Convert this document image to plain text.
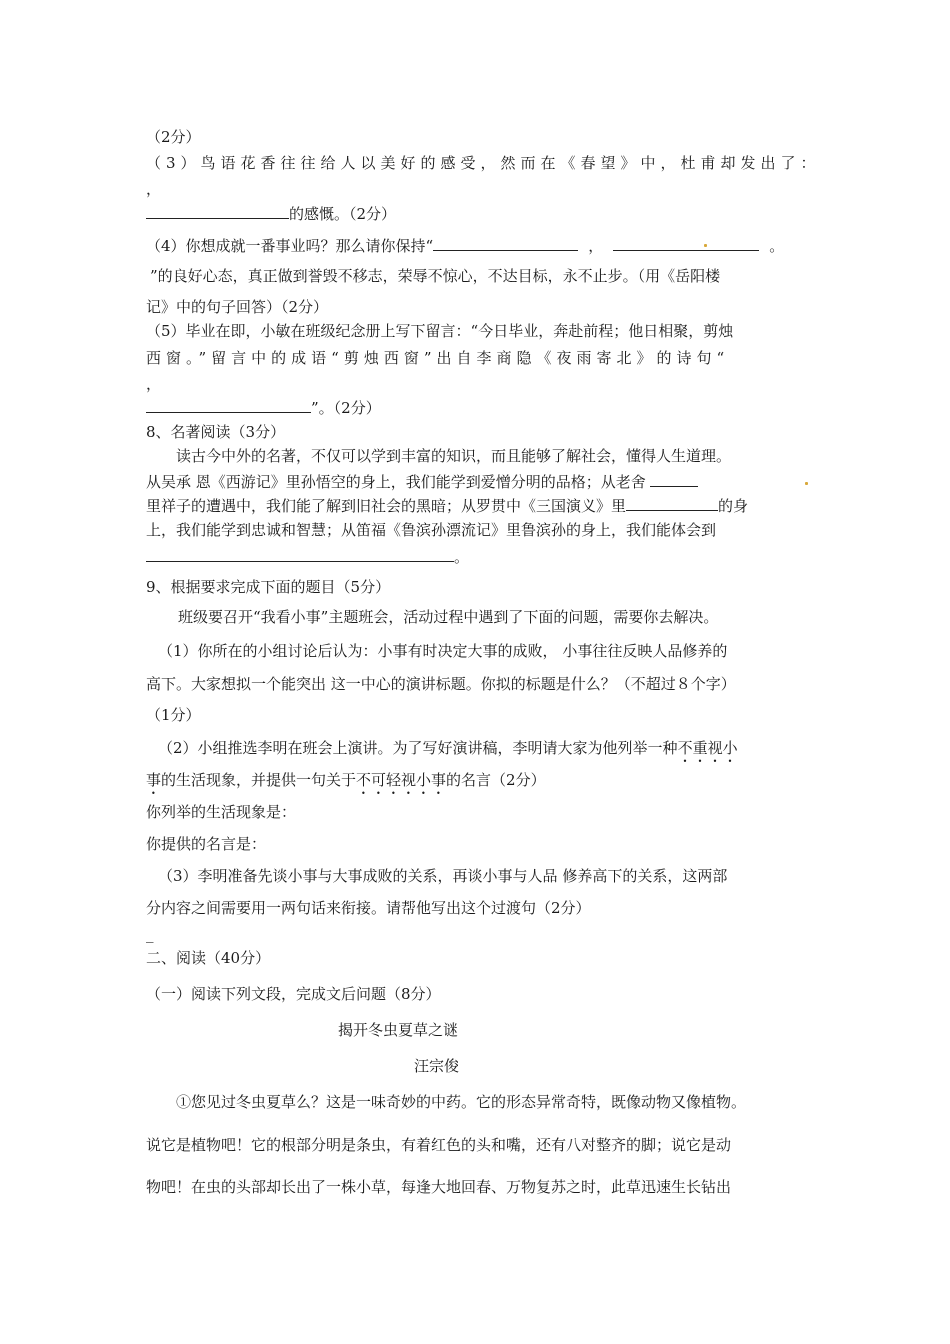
（2分）
（3）鸟语花香往往给人以美好的感受，然而在《春望》中，杜甫却发出了：
，
的感慨。（2分）
（4）你想成就一番事业吗？那么请你保持“	，	。
”的良好心态，真正做到誉毁不移志，荣辱不惊心，不达目标，永不止步。（用《岳阳楼
记》中的句子回答）（2分）
（5）毕业在即，小敏在班级纪念册上写下留言：“今日毕业，奔赴前程；他日相聚，剪烛
西窗。”留言中的成语“剪烛西窗”出自李商隐《夜雨寄北》的诗句“
，
”。（2分）
8、名著阅读（3分）
读古今中外的名著，不仅可以学到丰富的知识，而且能够了解社会，懂得人生道理。
从吴承 恩《西游记》里孙悟空的身上，我们能学到爱憎分明的品格；从老舍
里祥子的遭遇中，我们能了解到旧社会的黑暗；从罗贯中《三国演义》里	的身
上，我们能学到忠诚和智慧；从笛福《鲁滨孙漂流记》里鲁滨孙的身上，我们能体会到
。
9、根据要求完成下面的题目（5分）
班级要召开“我看小事”主题班会，活动过程中遇到了下面的问题，需要你去解决。
（1）你所在的小组讨论后认为：小事有时决定大事的成败， 小事往往反映人品修养的
高下。大家想拟一个能突出 这一中心的演讲标题。你拟的标题是什么？（不超过８个字）
（1分）
（2）小组推选李明在班会上演讲。为了写好演讲稿，李明请大家为他列举一种不重视小
事的生活现象，并提供一句关于不可轻视小事的名言（2分）
你列举的生活现象是：
你提供的名言是：
（3）李明准备先谈小事与大事成败的关系，再谈小事与人品 修养高下的关系，这两部
分内容之间需要用一两句话来衔接。请帮他写出这个过渡句（2分）
_
二、阅读（40分）
（一）阅读下列文段，完成文后问题（8分）
揭开冬虫夏草之谜
汪宗俊
①您见过冬虫夏草么？这是一味奇妙的中药。它的形态异常奇特，既像动物又像植物。
说它是植物吧！它的根部分明是条虫，有着红色的头和嘴，还有八对整齐的脚；说它是动
物吧！在虫的头部却长出了一株小草，每逢大地回春、万物复苏之时，此草迅速生长钻出
